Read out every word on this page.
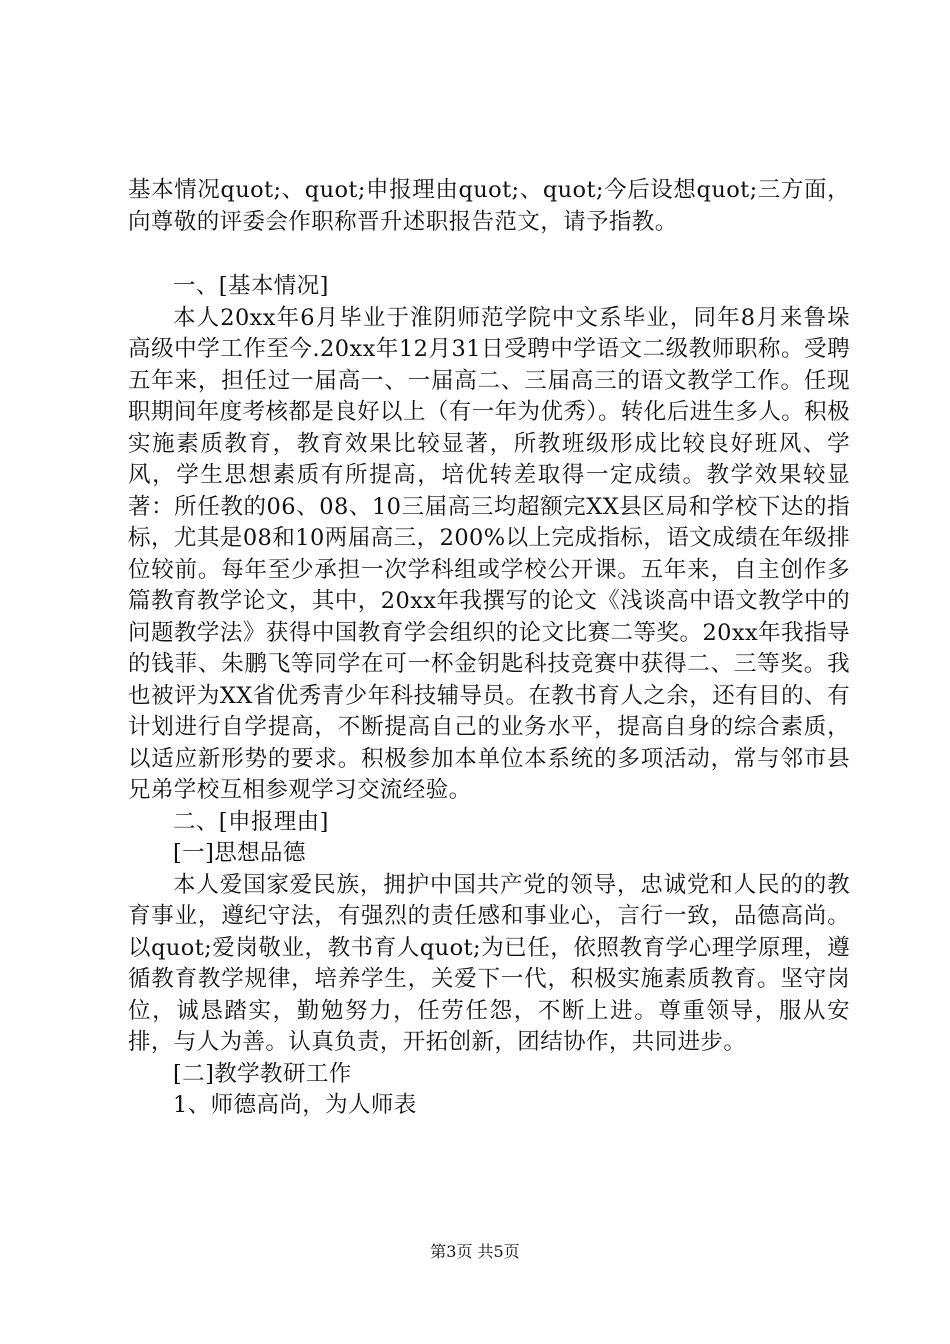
基本情况quot;、quot;申报理由quot;、quot;今后设想quot;三方面，向尊敬的评委会作职称晋升述职报告范文，请予指教。

一、[基本情况]

本人20xx年6月毕业于淮阴师范学院中文系毕业，同年8月来鲁垛高级中学工作至今.20xx年12月31日受聘中学语文二级教师职称。受聘五年来，担任过一届高一、一届高二、三届高三的语文教学工作。任现职期间年度考核都是良好以上（有一年为优秀）。转化后进生多人。积极实施素质教育，教育效果比较显著，所教班级形成比较良好班风、学风，学生思想素质有所提高，培优转差取得一定成绩。教学效果较显著：所任教的06、08、10三届高三均超额完XX县区局和学校下达的指标，尤其是08和10两届高三，200%以上完成指标，语文成绩在年级排位较前。每年至少承担一次学科组或学校公开课。五年来，自主创作多篇教育教学论文，其中，20xx年我撰写的论文《浅谈高中语文教学中的问题教学法》获得中国教育学会组织的论文比赛二等奖。20xx年我指导的钱菲、朱鹏飞等同学在可一杯金钥匙科技竞赛中获得二、三等奖。我也被评为XX省优秀青少年科技辅导员。在教书育人之余，还有目的、有计划进行自学提高，不断提高自己的业务水平，提高自身的综合素质，以适应新形势的要求。积极参加本单位本系统的多项活动，常与邻市县兄弟学校互相参观学习交流经验。

二、[申报理由]

[一]思想品德

本人爱国家爱民族，拥护中国共产党的领导，忠诚党和人民的的教育事业，遵纪守法，有强烈的责任感和事业心，言行一致，品德高尚。以quot;爱岗敬业，教书育人quot;为已任，依照教育学心理学原理，遵循教育教学规律，培养学生，关爱下一代，积极实施素质教育。坚守岗位，诚恳踏实，勤勉努力，任劳任怨，不断上进。尊重领导，服从安排，与人为善。认真负责，开拓创新，团结协作，共同进步。

[二]教学教研工作

1、师德高尚，为人师表

第3页 共5页
